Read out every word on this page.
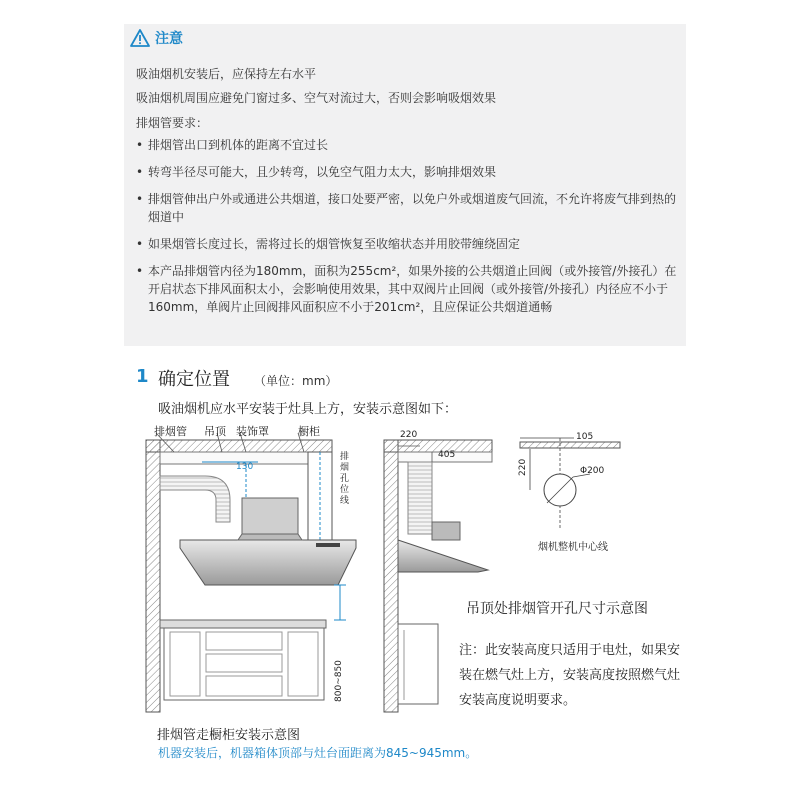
注意
吸油烟机安装后，应保持左右水平
吸油烟机周围应避免门窗过多、空气对流过大，否则会影响吸烟效果
排烟管要求：
• 排烟管出口到机体的距离不宜过长
• 转弯半径尽可能大，且少转弯，以免空气阻力太大，影响排烟效果
• 排烟管伸出户外或通进公共烟道，接口处要严密，以免户外或烟道废气回流，不允许将废气排到热的烟道中
• 如果烟管长度过长，需将过长的烟管恢复至收缩状态并用胶带缠绕固定
• 本产品排烟管内径为180mm，面积为255cm²，如果外接的公共烟道止回阀（或外接管/外接孔）在开启状态下排风面积太小，会影响使用效果，其中双阀片止回阀（或外接管/外接孔）内径应不小于160mm，单阀片止回阀排风面积应不小于201cm²，且应保证公共烟道通畅
1 确定位置 （单位：mm）
吸油烟机应水平安装于灶具上方，安装示意图如下：
排烟管 吊顶 装饰罩	橱柜
130
排烟孔位线
800~850
220
405
105
220	Φ200
烟机整机中心线
吊顶处排烟管开孔尺寸示意图
注：此安装高度只适用于电灶，如果安装在燃气灶上方，安装高度按照燃气灶安装高度说明要求。
排烟管走橱柜安装示意图
机器安装后，机器箱体顶部与灶台面距离为845~945mm。
